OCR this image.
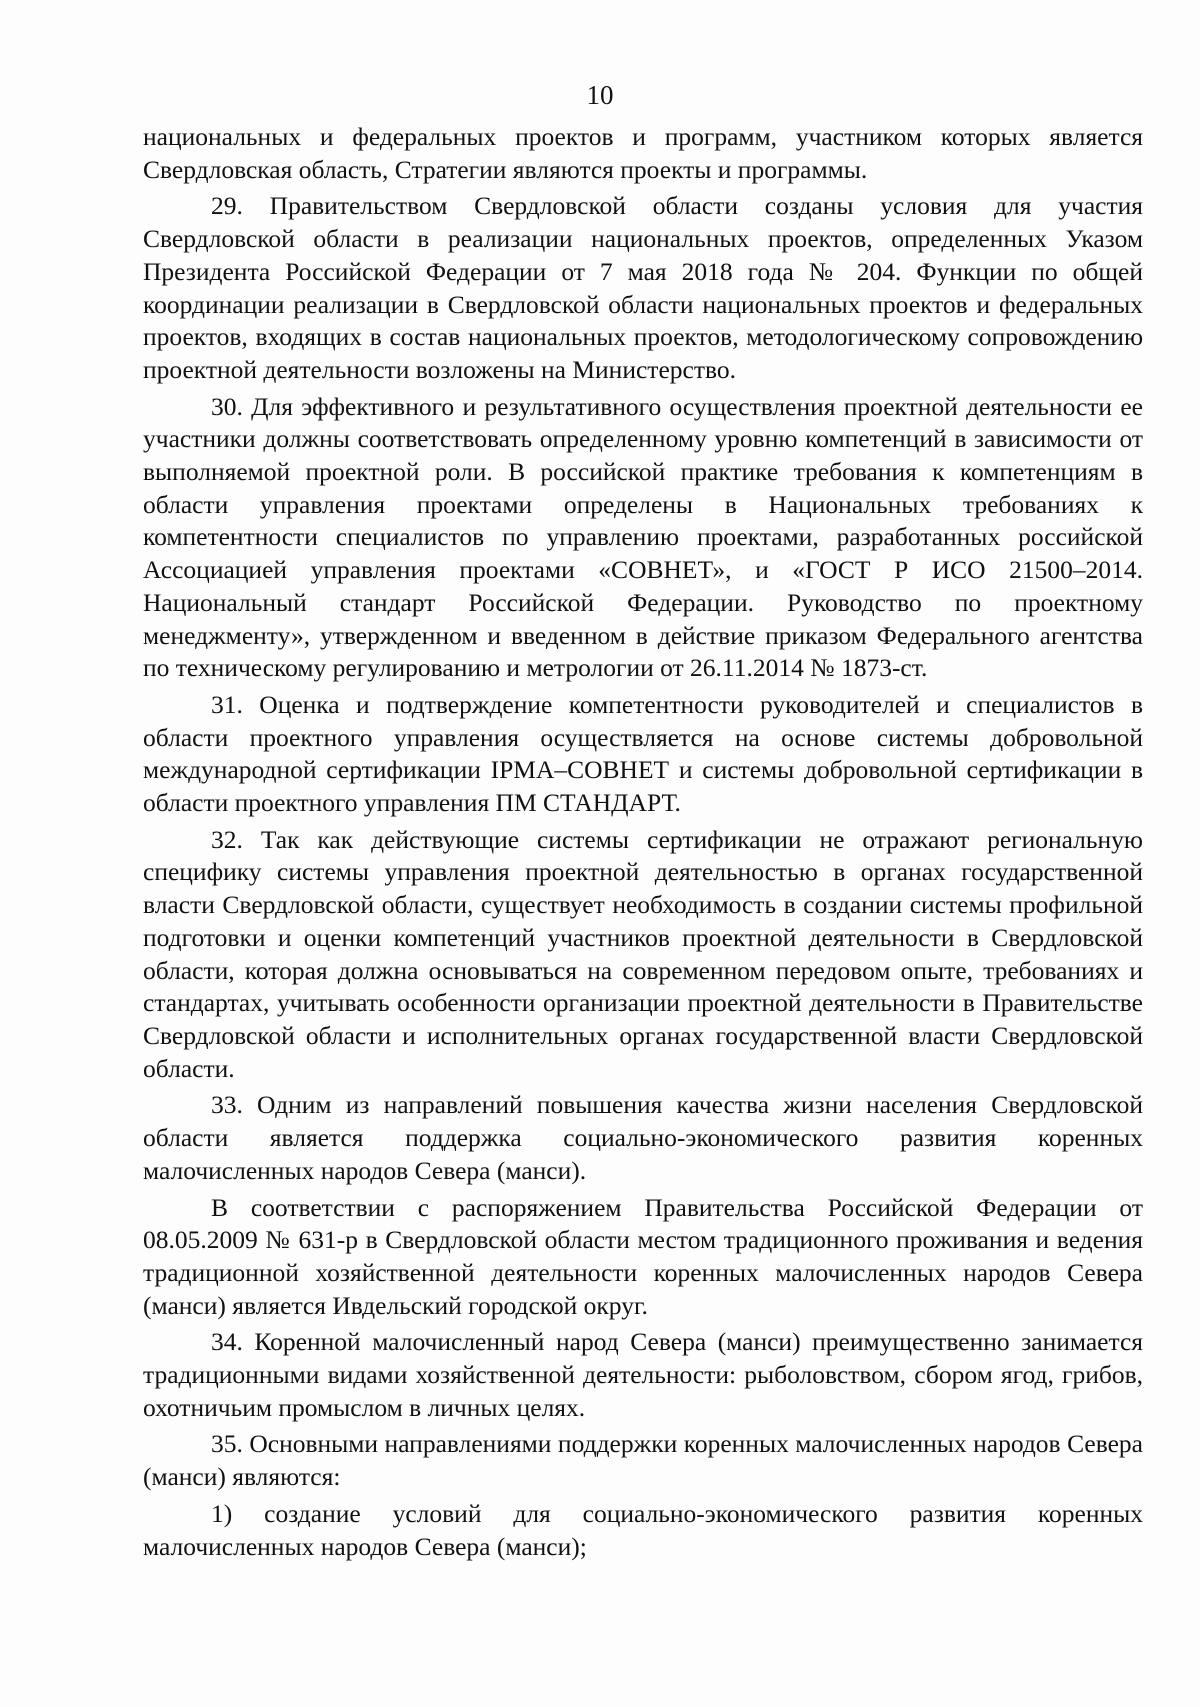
10

национальных и федеральных проектов и программ, участником которых является Свердловская область, Стратегии являются проекты и программы.

29. Правительством Свердловской области созданы условия для участия Свердловской области в реализации национальных проектов, определенных Указом Президента Российской Федерации от 7 мая 2018 года № 204. Функции по общей координации реализации в Свердловской области национальных проектов и федеральных проектов, входящих в состав национальных проектов, методологическому сопровождению проектной деятельности возложены на Министерство.

30. Для эффективного и результативного осуществления проектной деятельности ее участники должны соответствовать определенному уровню компетенций в зависимости от выполняемой проектной роли. В российской практике требования к компетенциям в области управления проектами определены в Национальных требованиях к компетентности специалистов по управлению проектами, разработанных российской Ассоциацией управления проектами «СОВНЕТ», и «ГОСТ Р ИСО 21500–2014. Национальный стандарт Российской Федерации. Руководство по проектному менеджменту», утвержденном и введенном в действие приказом Федерального агентства по техническому регулированию и метрологии от 26.11.2014 № 1873-ст.

31. Оценка и подтверждение компетентности руководителей и специалистов в области проектного управления осуществляется на основе системы добровольной международной сертификации IPMA–СОВНЕТ и системы добровольной сертификации в области проектного управления ПМ СТАНДАРТ.

32. Так как действующие системы сертификации не отражают региональную специфику системы управления проектной деятельностью в органах государственной власти Свердловской области, существует необходимость в создании системы профильной подготовки и оценки компетенций участников проектной деятельности в Свердловской области, которая должна основываться на современном передовом опыте, требованиях и стандартах, учитывать особенности организации проектной деятельности в Правительстве Свердловской области и исполнительных органах государственной власти Свердловской области.

33. Одним из направлений повышения качества жизни населения Свердловской области является поддержка социально-экономического развития коренных малочисленных народов Севера (манси).

В соответствии с распоряжением Правительства Российской Федерации от 08.05.2009 № 631-р в Свердловской области местом традиционного проживания и ведения традиционной хозяйственной деятельности коренных малочисленных народов Севера (манси) является Ивдельский городской округ.

34. Коренной малочисленный народ Севера (манси) преимущественно занимается традиционными видами хозяйственной деятельности: рыболовством, сбором ягод, грибов, охотничьим промыслом в личных целях.

35. Основными направлениями поддержки коренных малочисленных народов Севера (манси) являются:

1) создание условий для социально-экономического развития коренных малочисленных народов Севера (манси);
